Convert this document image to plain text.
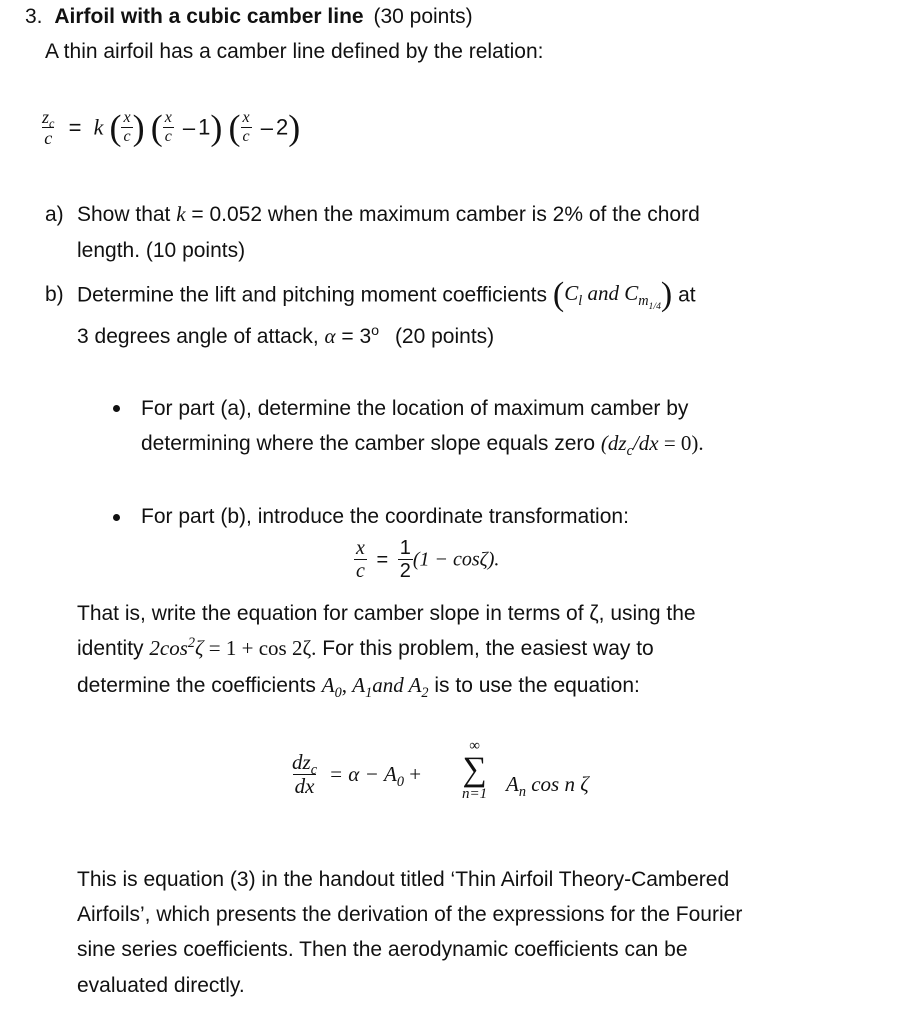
3. Airfoil with a cubic camber line (30 points)
A thin airfoil has a camber line defined by the relation:
$\frac{z_c}{c} = k$ ( $\frac{x}{c}$ ) ( $\frac{x}{c} - 1$) ( $\frac{x}{c} - 2$)
a) Show that k = 0.052 when the maximum camber is 2% of the chord
length. (10 points)
b) Determine the lift and pitching moment coefficients ($C_l$ and $C_{m_{1/4}}$) at
3 degrees angle of attack, $\alpha = 3^o$ (20 points)
For part (a), determine the location of maximum camber by
determining where the camber slope equals zero $(dz_c/dx = 0)$.
For part (b), introduce the coordinate transformation:
$\frac{x}{c} = \frac{1}{2} (1 - \cos\zeta)$.
That is, write the equation for camber slope in terms of ζ, using the
identity $2\cos^2\zeta = 1 + \cos 2\zeta$. For this problem, the easiest way to
determine the coefficients $A_0$, $A_1and$ $A_2$ is to use the equation:
$\frac{dz_c}{dx} = \alpha - A_0$ +
∞
∑
n=1 $A_n$ cos n ζ
This is equation (3) in the handout titled ‘Thin Airfoil Theory-Cambered
Airfoils’, which presents the derivation of the expressions for the Fourier
sine series coefficients. Then the aerodynamic coefficients can be
evaluated directly.
